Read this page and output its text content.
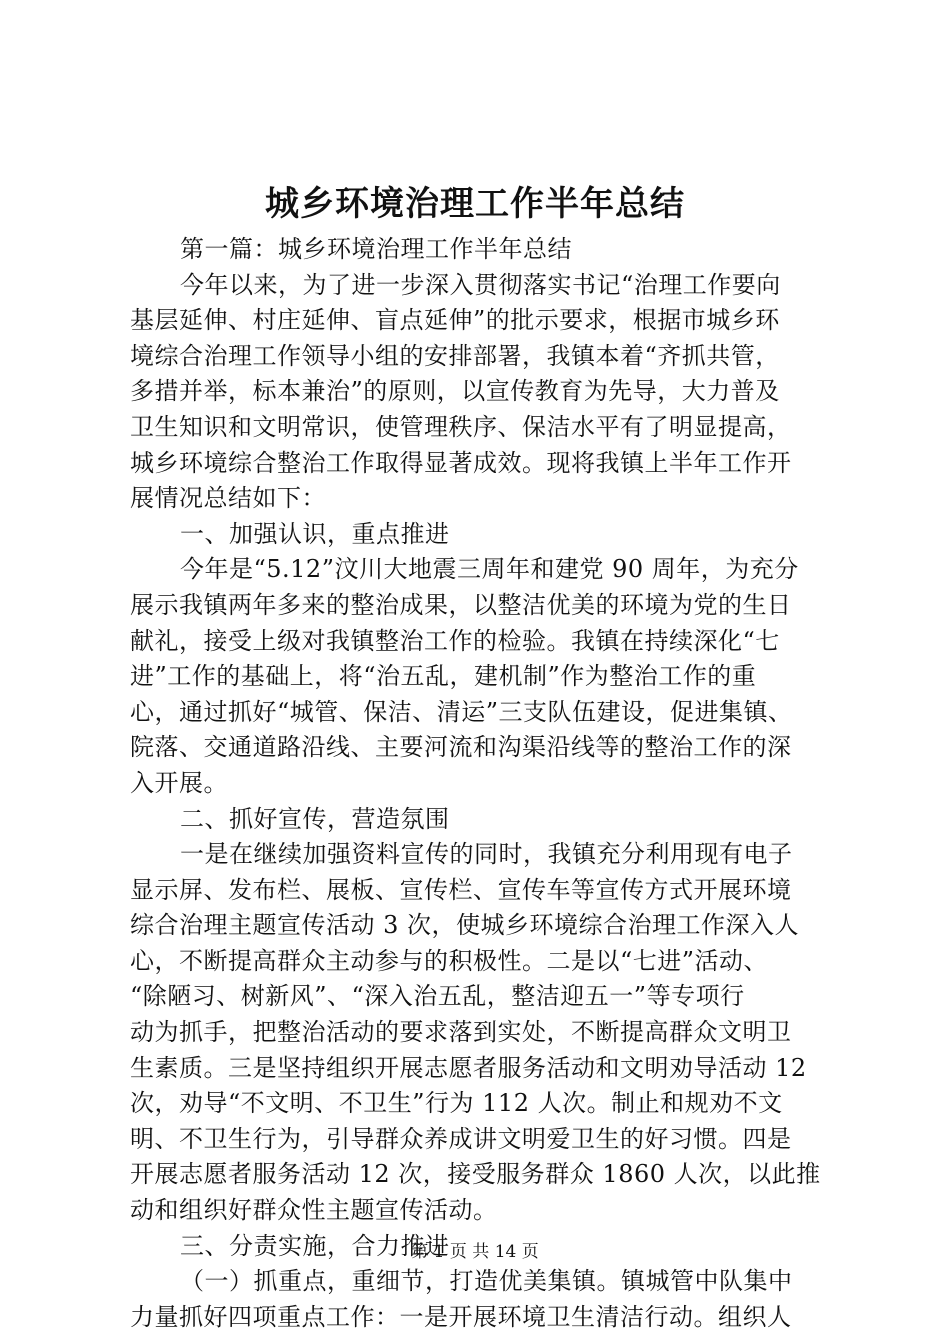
城乡环境治理工作半年总结
第一篇：城乡环境治理工作半年总结
今年以来，为了进一步深入贯彻落实书记“治理工作要向
基层延伸、村庄延伸、盲点延伸”的批示要求，根据市城乡环
境综合治理工作领导小组的安排部署，我镇本着“齐抓共管，
多措并举，标本兼治”的原则，以宣传教育为先导，大力普及
卫生知识和文明常识，使管理秩序、保洁水平有了明显提高，
城乡环境综合整治工作取得显著成效。现将我镇上半年工作开
展情况总结如下：
一、加强认识，重点推进
今年是“5.12”汶川大地震三周年和建党 90 周年，为充分
展示我镇两年多来的整治成果，以整洁优美的环境为党的生日
献礼，接受上级对我镇整治工作的检验。我镇在持续深化“七
进”工作的基础上，将“治五乱，建机制”作为整治工作的重
心，通过抓好“城管、保洁、清运”三支队伍建设，促进集镇、
院落、交通道路沿线、主要河流和沟渠沿线等的整治工作的深
入开展。
二、抓好宣传，营造氛围
一是在继续加强资料宣传的同时，我镇充分利用现有电子
显示屏、发布栏、展板、宣传栏、宣传车等宣传方式开展环境
综合治理主题宣传活动 3 次，使城乡环境综合治理工作深入人
心，不断提高群众主动参与的积极性。二是以“七进”活动、
“除陋习、树新风”、“深入治五乱，整洁迎五一”等专项行
动为抓手，把整治活动的要求落到实处，不断提高群众文明卫
生素质。三是坚持组织开展志愿者服务活动和文明劝导活动 12
次，劝导“不文明、不卫生”行为 112 人次。制止和规劝不文
明、不卫生行为，引导群众养成讲文明爱卫生的好习惯。四是
开展志愿者服务活动 12 次，接受服务群众 1860 人次，以此推
动和组织好群众性主题宣传活动。
三、分责实施，合力推进
（一）抓重点，重细节，打造优美集镇。镇城管中队集中
力量抓好四项重点工作：一是开展环境卫生清洁行动。组织人
第 1 页 共 14 页
